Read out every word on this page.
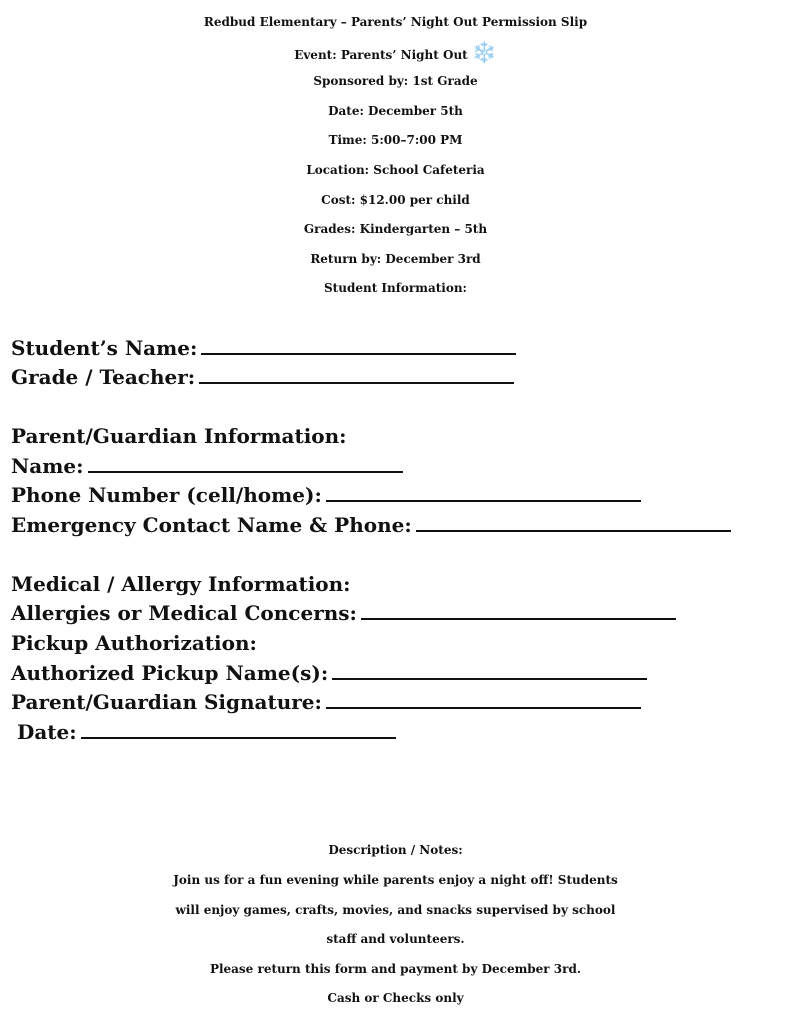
Redbud Elementary – Parents’ Night Out Permission Slip
Event: Parents’ Night Out ❄️
Sponsored by: 1st Grade
Date: December 5th
Time: 5:00–7:00 PM
Location: School Cafeteria
Cost: $12.00 per child
Grades: Kindergarten – 5th
Return by: December 3rd
Student Information:
Student’s Name:
Grade / Teacher:
Parent/Guardian Information:
Name:
Phone Number (cell/home):
Emergency Contact Name & Phone:
Medical / Allergy Information:
Allergies or Medical Concerns:
Pickup Authorization:
Authorized Pickup Name(s):
Parent/Guardian Signature:
Date:
Description / Notes:
Join us for a fun evening while parents enjoy a night off! Students
will enjoy games, crafts, movies, and snacks supervised by school
staff and volunteers.
Please return this form and payment by December 3rd.
Cash or Checks only
